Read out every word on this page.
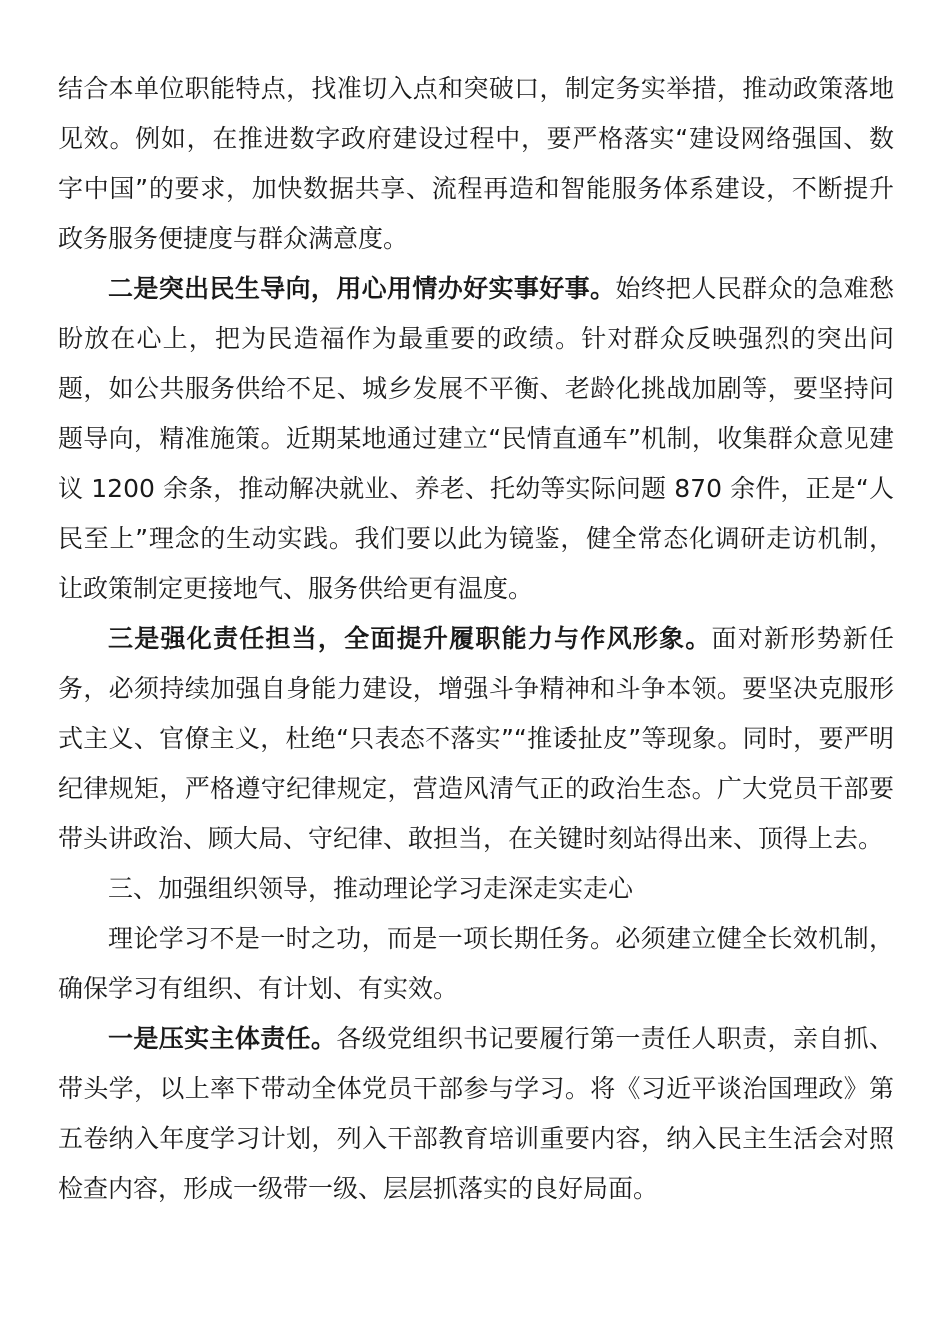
结合本单位职能特点，找准切入点和突破口，制定务实举措，推动政策落地见效。例如，在推进数字政府建设过程中，要严格落实“建设网络强国、数字中国”的要求，加快数据共享、流程再造和智能服务体系建设，不断提升政务服务便捷度与群众满意度。

二是突出民生导向，用心用情办好实事好事。始终把人民群众的急难愁盼放在心上，把为民造福作为最重要的政绩。针对群众反映强烈的突出问题，如公共服务供给不足、城乡发展不平衡、老龄化挑战加剧等，要坚持问题导向，精准施策。近期某地通过建立“民情直通车”机制，收集群众意见建议 1200 余条，推动解决就业、养老、托幼等实际问题 870 余件，正是“人民至上”理念的生动实践。我们要以此为镜鉴，健全常态化调研走访机制，让政策制定更接地气、服务供给更有温度。

三是强化责任担当，全面提升履职能力与作风形象。面对新形势新任务，必须持续加强自身能力建设，增强斗争精神和斗争本领。要坚决克服形式主义、官僚主义，杜绝“只表态不落实”“推诿扯皮”等现象。同时，要严明纪律规矩，严格遵守纪律规定，营造风清气正的政治生态。广大党员干部要带头讲政治、顾大局、守纪律、敢担当，在关键时刻站得出来、顶得上去。

三、加强组织领导，推动理论学习走深走实走心

理论学习不是一时之功，而是一项长期任务。必须建立健全长效机制，确保学习有组织、有计划、有实效。

一是压实主体责任。各级党组织书记要履行第一责任人职责，亲自抓、带头学，以上率下带动全体党员干部参与学习。将《习近平谈治国理政》第五卷纳入年度学习计划，列入干部教育培训重要内容，纳入民主生活会对照检查内容，形成一级带一级、层层抓落实的良好局面。
